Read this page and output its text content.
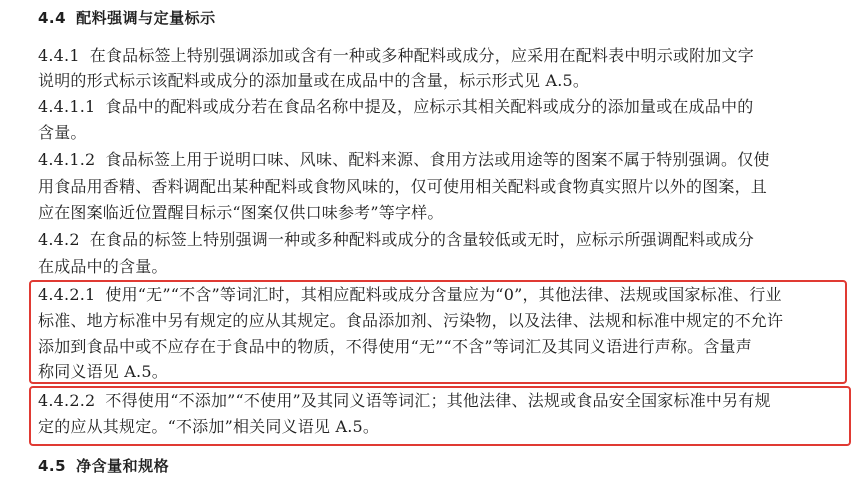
4.4 配料强调与定量标示
4.4.1 在食品标签上特别强调添加或含有一种或多种配料或成分，应采用在配料表中明示或附加文字
说明的形式标示该配料或成分的添加量或在成品中的含量，标示形式见 A.5。
4.4.1.1 食品中的配料或成分若在食品名称中提及，应标示其相关配料或成分的添加量或在成品中的
含量。
4.4.1.2 食品标签上用于说明口味、风味、配料来源、食用方法或用途等的图案不属于特别强调。仅使
用食品用香精、香料调配出某种配料或食物风味的，仅可使用相关配料或食物真实照片以外的图案，且
应在图案临近位置醒目标示“图案仅供口味参考”等字样。
4.4.2 在食品的标签上特别强调一种或多种配料或成分的含量较低或无时，应标示所强调配料或成分
在成品中的含量。
4.4.2.1 使用“无”“不含”等词汇时，其相应配料或成分含量应为“0”，其他法律、法规或国家标准、行业
标准、地方标准中另有规定的应从其规定。食品添加剂、污染物，以及法律、法规和标准中规定的不允许
添加到食品中或不应存在于食品中的物质，不得使用“无”“不含”等词汇及其同义语进行声称。含量声
称同义语见 A.5。
4.4.2.2 不得使用“不添加”“不使用”及其同义语等词汇；其他法律、法规或食品安全国家标准中另有规
定的应从其规定。“不添加”相关同义语见 A.5。
4.5 净含量和规格
